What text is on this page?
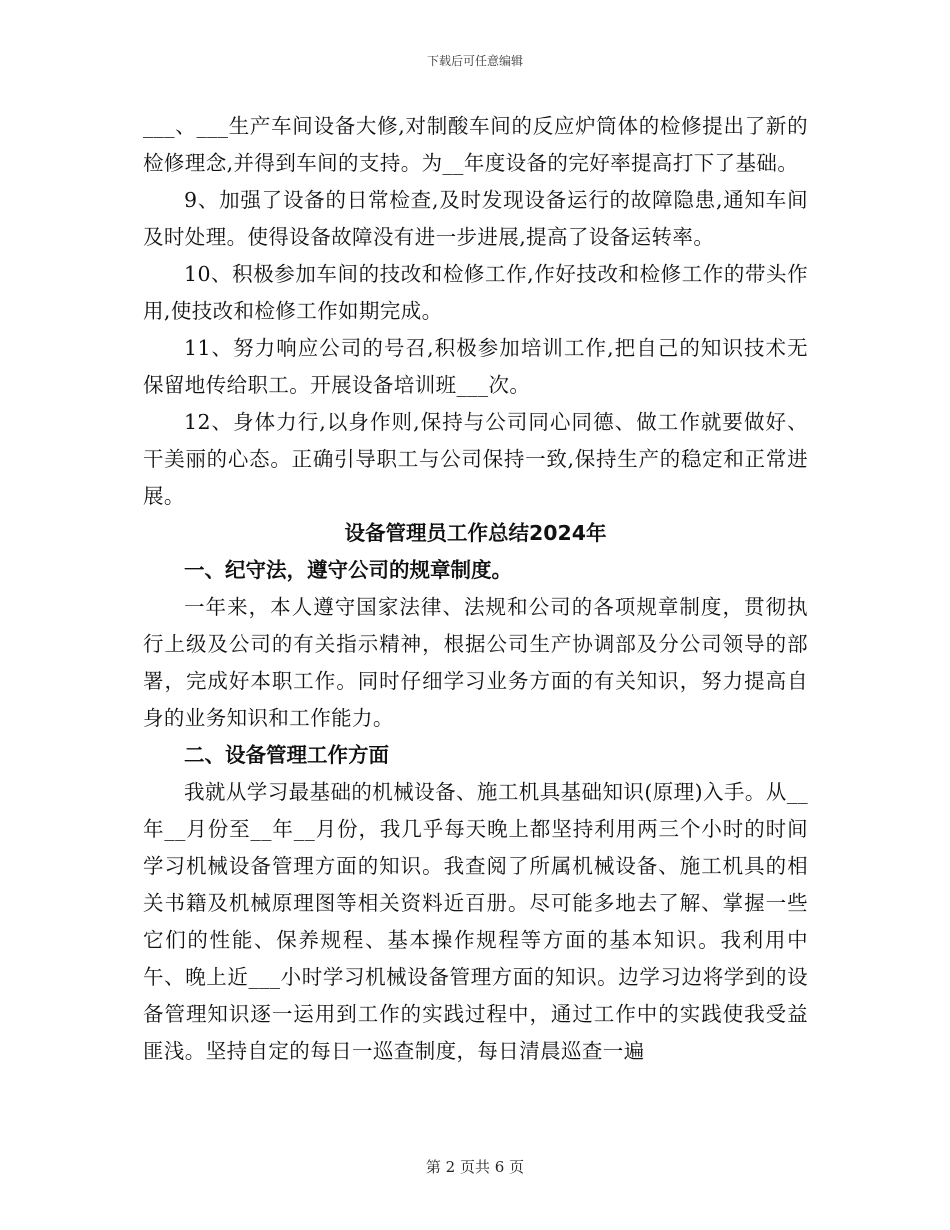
下载后可任意编辑

___、___生产车间设备大修,对制酸车间的反应炉筒体的检修提出了新的检修理念,并得到车间的支持。为__年度设备的完好率提高打下了基础。

9、加强了设备的日常检查,及时发现设备运行的故障隐患,通知车间及时处理。使得设备故障没有进一步进展,提高了设备运转率。

10、积极参加车间的技改和检修工作,作好技改和检修工作的带头作用,使技改和检修工作如期完成。

11、努力响应公司的号召,积极参加培训工作,把自己的知识技术无保留地传给职工。开展设备培训班___次。

12、身体力行,以身作则,保持与公司同心同德、做工作就要做好、干美丽的心态。正确引导职工与公司保持一致,保持生产的稳定和正常进展。

设备管理员工作总结2024年

一、纪守法，遵守公司的规章制度。

一年来，本人遵守国家法律、法规和公司的各项规章制度，贯彻执行上级及公司的有关指示精神，根据公司生产协调部及分公司领导的部署，完成好本职工作。同时仔细学习业务方面的有关知识，努力提高自身的业务知识和工作能力。

二、设备管理工作方面

我就从学习最基础的机械设备、施工机具基础知识(原理)入手。从__年__月份至__年__月份，我几乎每天晚上都坚持利用两三个小时的时间学习机械设备管理方面的知识。我查阅了所属机械设备、施工机具的相关书籍及机械原理图等相关资料近百册。尽可能多地去了解、掌握一些它们的性能、保养规程、基本操作规程等方面的基本知识。我利用中午、晚上近___小时学习机械设备管理方面的知识。边学习边将学到的设备管理知识逐一运用到工作的实践过程中，通过工作中的实践使我受益匪浅。坚持自定的每日一巡查制度，每日清晨巡查一遍

第 2 页共 6 页
